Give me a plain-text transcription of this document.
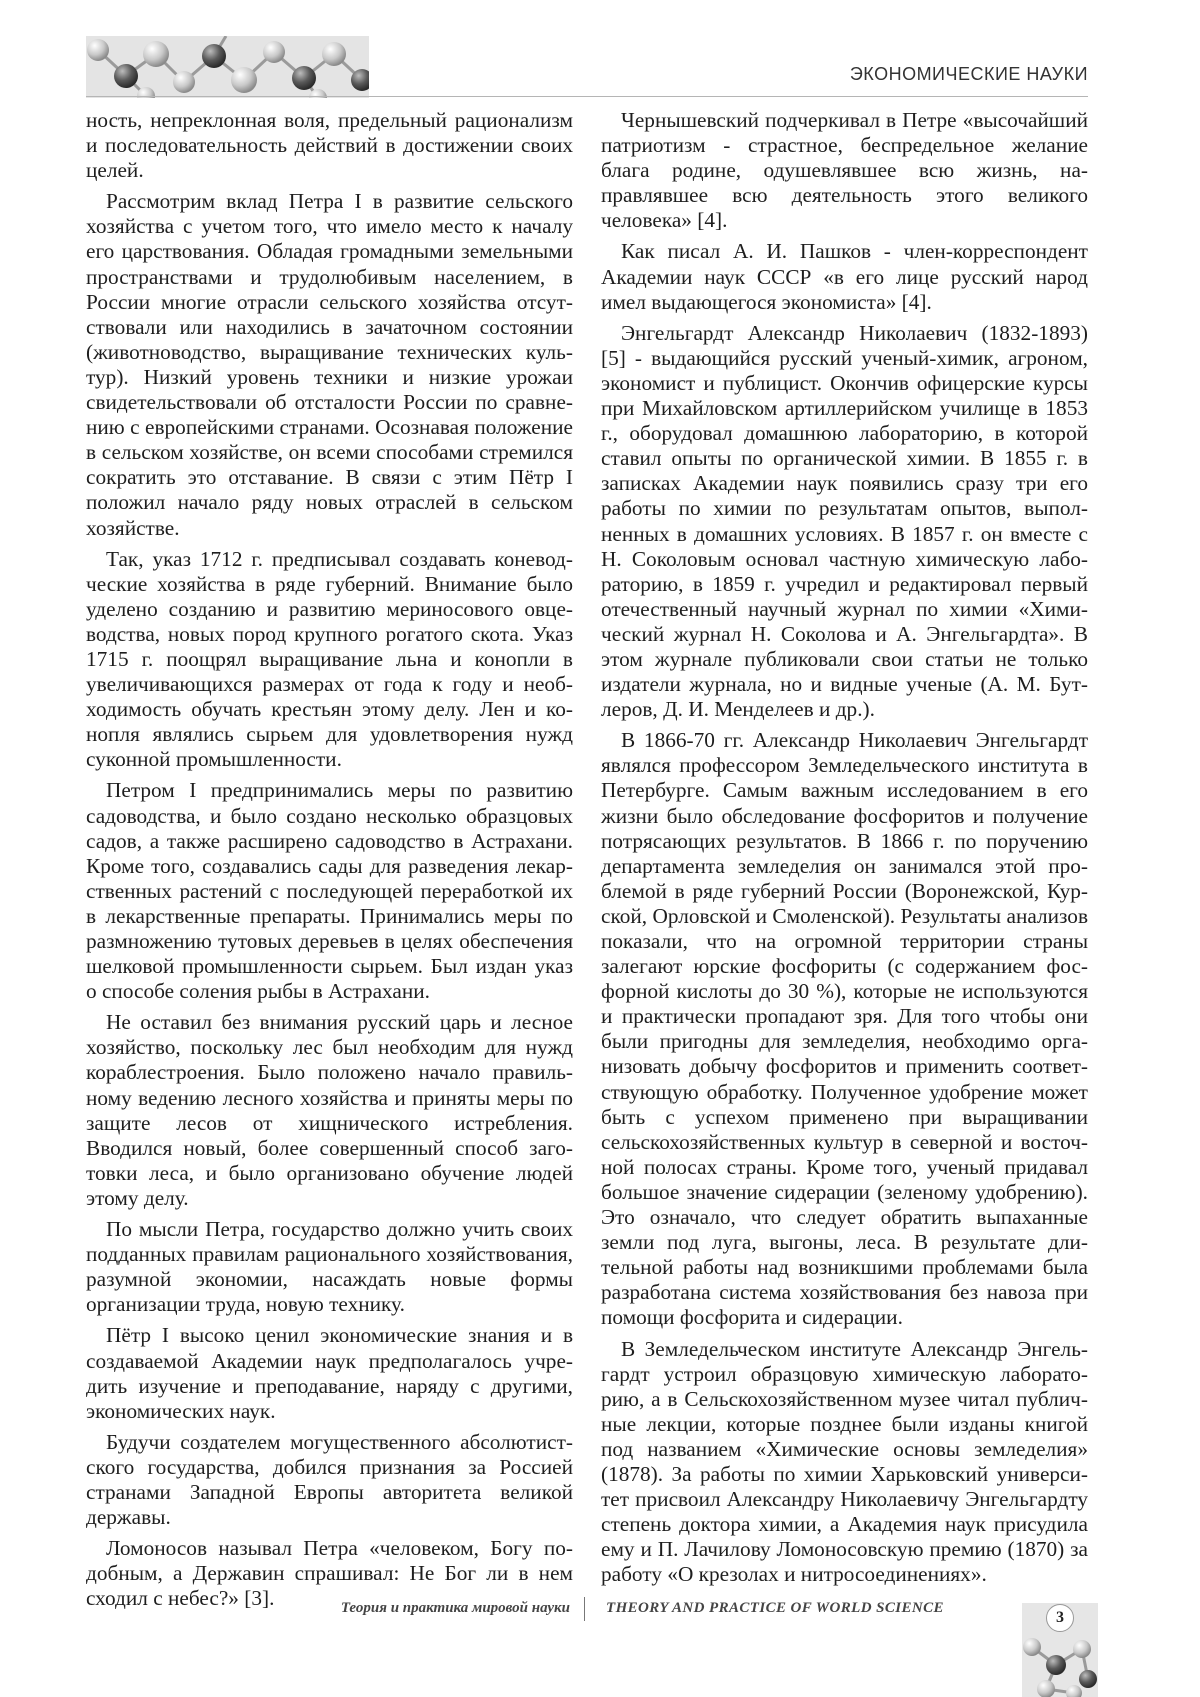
ЭКОНОМИЧЕСКИЕ НАУКИ

ность, непреклонная воля, предельный рационализм и последовательность действий в достижении своих целей.

Рассмотрим вклад Петра I в развитие сельского хозяйства с учетом того, что имело место к началу его царствования. Обладая громадными земельными пространствами и трудолюбивым населением, в России многие отрасли сельского хозяйства отсутствовали или находились в зачаточном состоянии (животноводство, выращивание технических культур). Низкий уровень техники и низкие урожаи свидетельствовали об отсталости России по сравнению с европейскими странами. Осознавая положение в сельском хозяйстве, он всеми способами стремился сократить это отставание. В связи с этим Пётр I положил начало ряду новых отраслей в сельском хозяйстве.

Так, указ 1712 г. предписывал создавать коневодческие хозяйства в ряде губерний. Внимание было уделено созданию и развитию мериносового овцеводства, новых пород крупного рогатого скота. Указ 1715 г. поощрял выращивание льна и конопли в увеличивающихся размерах от года к году и необходимость обучать крестьян этому делу. Лен и конопля являлись сырьем для удовлетворения нужд суконной промышленности.

Петром I предпринимались меры по развитию садоводства, и было создано несколько образцовых садов, а также расширено садоводство в Астрахани. Кроме того, создавались сады для разведения лекарственных растений с последующей переработкой их в лекарственные препараты. Принимались меры по размножению тутовых деревьев в целях обеспечения шелковой промышленности сырьем. Был издан указ о способе соления рыбы в Астрахани.

Не оставил без внимания русский царь и лесное хозяйство, поскольку лес был необходим для нужд кораблестроения. Было положено начало правильному ведению лесного хозяйства и приняты меры по защите лесов от хищнического истребления. Вводился новый, более совершенный способ заготовки леса, и было организовано обучение людей этому делу.

По мысли Петра, государство должно учить своих подданных правилам рационального хозяйствования, разумной экономии, насаждать новые формы организации труда, новую технику.

Пётр I высоко ценил экономические знания и в создаваемой Академии наук предполагалось учредить изучение и преподавание, наряду с другими, экономических наук.

Будучи создателем могущественного абсолютистского государства, добился признания за Россией странами Западной Европы авторитета великой державы.

Ломоносов называл Петра «человеком, Богу подобным, а Державин спрашивал: Не Бог ли в нем сходил с небес?» [3].

Чернышевский подчеркивал в Петре «высочайший патриотизм - страстное, беспредельное желание блага родине, одушевлявшее всю жизнь, направлявшее всю деятельность этого великого человека» [4].

Как писал А. И. Пашков - член-корреспондент Академии наук СССР «в его лице русский народ имел выдающегося экономиста» [4].

Энгельгардт Александр Николаевич (1832-1893) [5] - выдающийся русский ученый-химик, агроном, экономист и публицист. Окончив офицерские курсы при Михайловском артиллерийском училище в 1853 г., оборудовал домашнюю лабораторию, в которой ставил опыты по органической химии. В 1855 г. в записках Академии наук появились сразу три его работы по химии по результатам опытов, выполненных в домашних условиях. В 1857 г. он вместе с Н. Соколовым основал частную химическую лабораторию, в 1859 г. учредил и редактировал первый отечественный научный журнал по химии «Химический журнал Н. Соколова и А. Энгельгардта». В этом журнале публиковали свои статьи не только издатели журнала, но и видные ученые (А. М. Бутлеров, Д. И. Менделеев и др.).

В 1866-70 гг. Александр Николаевич Энгельгардт являлся профессором Земледельческого института в Петербурге. Самым важным исследованием в его жизни было обследование фосфоритов и получение потрясающих результатов. В 1866 г. по поручению департамента земледелия он занимался этой проблемой в ряде губерний России (Воронежской, Курской, Орловской и Смоленской). Результаты анализов показали, что на огромной территории страны залегают юрские фосфориты (с содержанием фосфорной кислоты до 30 %), которые не используются и практически пропадают зря. Для того чтобы они были пригодны для земледелия, необходимо организовать добычу фосфоритов и применить соответствующую обработку. Полученное удобрение может быть с успехом применено при выращивании сельскохозяйственных культур в северной и восточной полосах страны. Кроме того, ученый придавал большое значение сидерации (зеленому удобрению). Это означало, что следует обратить выпаханные земли под луга, выгоны, леса. В результате длительной работы над возникшими проблемами была разработана система хозяйствования без навоза при помощи фосфорита и сидерации.

В Земледельческом институте Александр Энгельгардт устроил образцовую химическую лабораторию, а в Сельскохозяйственном музее читал публичные лекции, которые позднее были изданы книгой под названием «Химические основы земледелия» (1878). За работы по химии Харьковский университет присвоил Александру Николаевичу Энгельгардту степень доктора химии, а Академия наук присудила ему и П. Лачилову Ломоносовскую премию (1870) за работу «О крезолах и нитросоединениях».

Теория и практика мировой науки THEORY AND PRACTICE OF WORLD SCIENCE
3
